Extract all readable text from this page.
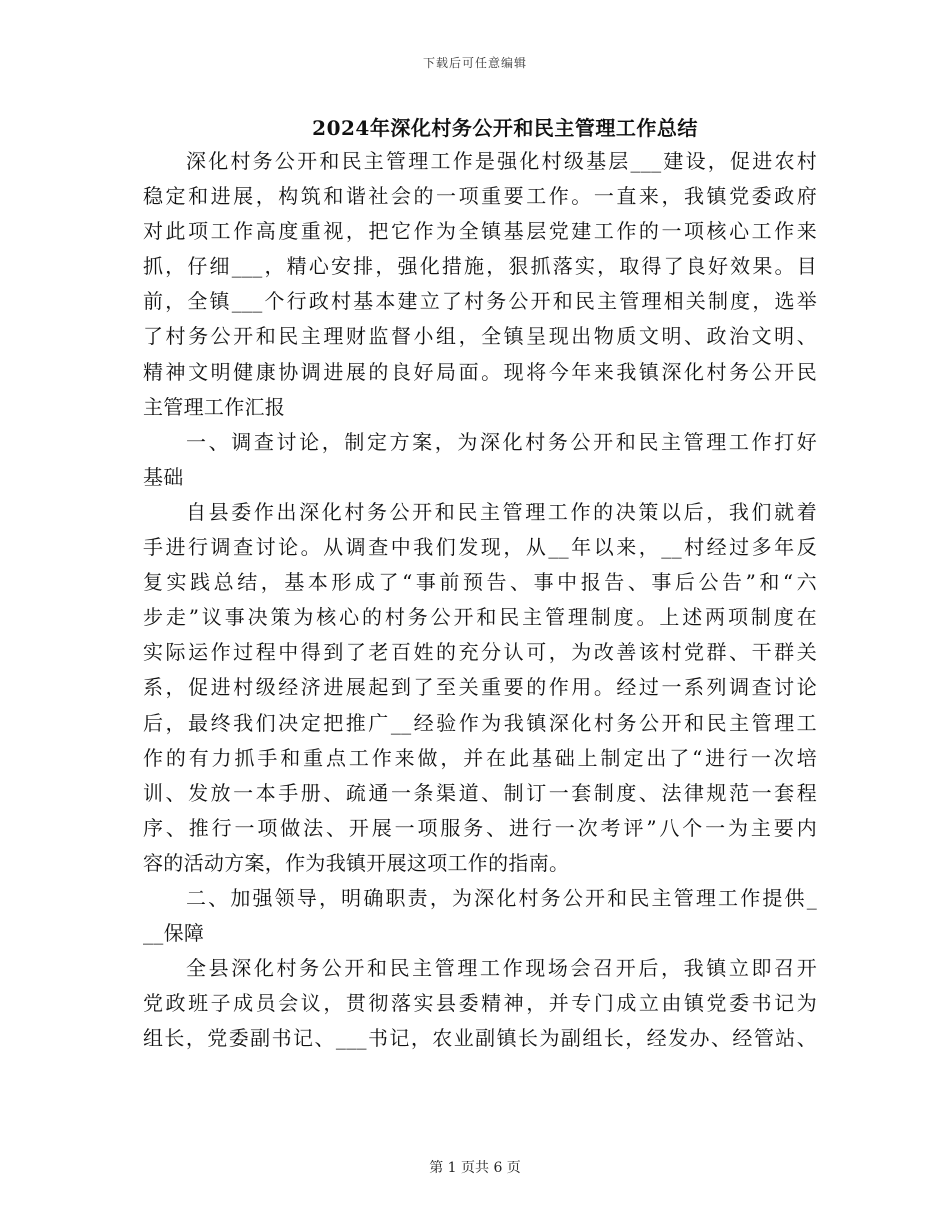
下载后可任意编辑
2024年深化村务公开和民主管理工作总结
深化村务公开和民主管理工作是强化村级基层___建设，促进农村
稳定和进展，构筑和谐社会的一项重要工作。一直来，我镇党委政府
对此项工作高度重视，把它作为全镇基层党建工作的一项核心工作来
抓，仔细___，精心安排，强化措施，狠抓落实，取得了良好效果。目
前，全镇___个行政村基本建立了村务公开和民主管理相关制度，选举
了村务公开和民主理财监督小组，全镇呈现出物质文明、政治文明、
精神文明健康协调进展的良好局面。现将今年来我镇深化村务公开民
主管理工作汇报
一、调查讨论，制定方案，为深化村务公开和民主管理工作打好
基础
自县委作出深化村务公开和民主管理工作的决策以后，我们就着
手进行调查讨论。从调查中我们发现，从__年以来，__村经过多年反
复实践总结，基本形成了“事前预告、事中报告、事后公告”和“六
步走”议事决策为核心的村务公开和民主管理制度。上述两项制度在
实际运作过程中得到了老百姓的充分认可，为改善该村党群、干群关
系，促进村级经济进展起到了至关重要的作用。经过一系列调查讨论
后，最终我们决定把推广__经验作为我镇深化村务公开和民主管理工
作的有力抓手和重点工作来做，并在此基础上制定出了“进行一次培
训、发放一本手册、疏通一条渠道、制订一套制度、法律规范一套程
序、推行一项做法、开展一项服务、进行一次考评”八个一为主要内
容的活动方案，作为我镇开展这项工作的指南。
二、加强领导，明确职责，为深化村务公开和民主管理工作提供_
__保障
全县深化村务公开和民主管理工作现场会召开后，我镇立即召开
党政班子成员会议，贯彻落实县委精神，并专门成立由镇党委书记为
组长，党委副书记、___书记，农业副镇长为副组长，经发办、经管站、
第 1 页共 6 页
